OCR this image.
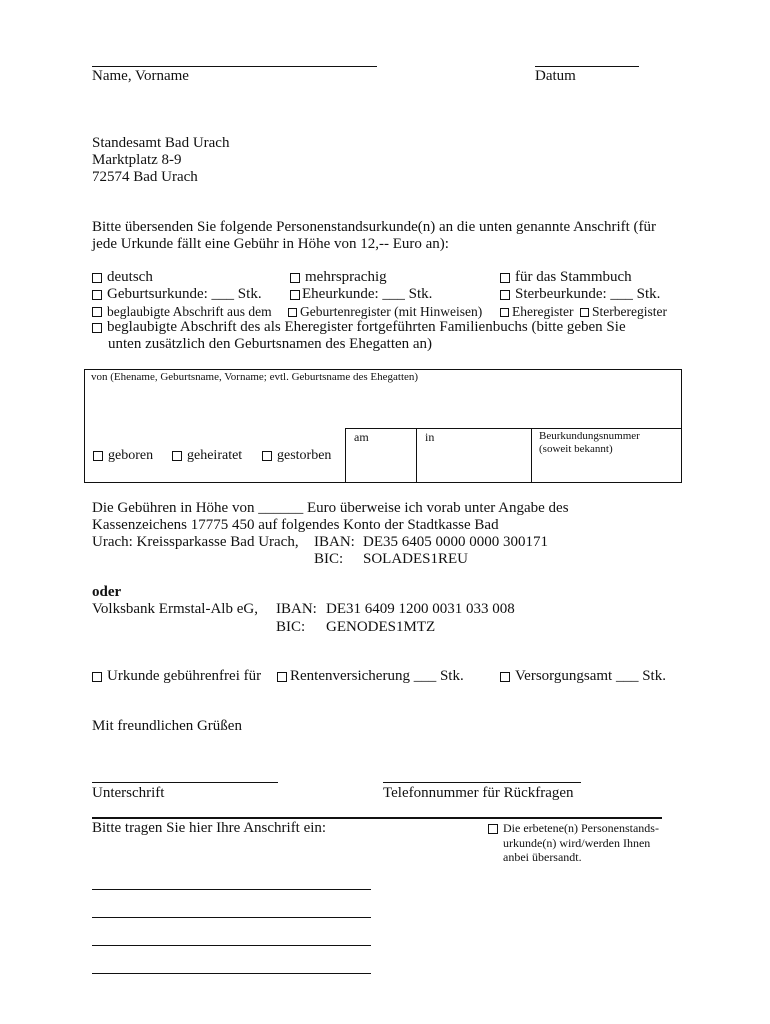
Name, Vorname	Datum
Standesamt Bad Urach
Marktplatz 8-9
72574 Bad Urach
Bitte übersenden Sie folgende Personenstandsurkunde(n) an die unten genannte Anschrift (für
jede Urkunde fällt eine Gebühr in Höhe von 12,-- Euro an):
deutsch	mehrsprachig	für das Stammbuch
Geburtsurkunde: ___ Stk.	Eheurkunde: ___ Stk.	Sterbeurkunde: ___ Stk.
beglaubigte Abschrift aus dem Geburtenregister (mit Hinweisen) Eheregister Sterberegister
beglaubigte Abschrift des als Eheregister fortgeführten Familienbuchs (bitte geben Sie
unten zusätzlich den Geburtsnamen des Ehegatten an)
von (Ehename, Geburtsname, Vorname; evtl. Geburtsname des Ehegatten)
geboren geheiratet gestorben
am	in	Beurkundungsnummer
(soweit bekannt)
Die Gebühren in Höhe von ______ Euro überweise ich vorab unter Angabe des
Kassenzeichens 17775 450 auf folgendes Konto der Stadtkasse Bad
Urach: Kreissparkasse Bad Urach, IBAN: DE35 6405 0000 0000 300171
BIC: SOLADES1REU
oder
Volksbank Ermstal-Alb eG, IBAN: DE31 6409 1200 0031 033 008
BIC: GENODES1MTZ
Urkunde gebührenfrei für Rentenversicherung ___ Stk.	Versorgungsamt ___ Stk.
Mit freundlichen Grüßen
Unterschrift	Telefonnummer für Rückfragen
Bitte tragen Sie hier Ihre Anschrift ein:	Die erbetene(n) Personenstands-
urkunde(n) wird/werden Ihnen
anbei übersandt.
